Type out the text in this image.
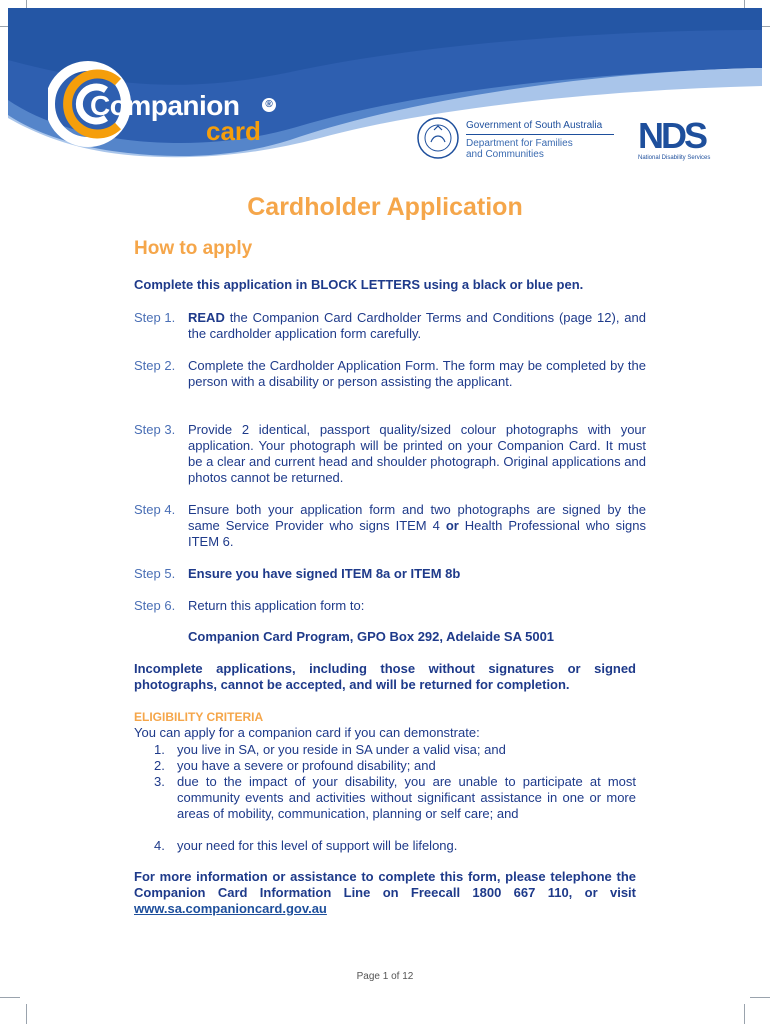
Companion	®
card	Government of South Australia
Department for Families
and Communities	NDS
National Disability Services
Cardholder Application
How to apply
Complete this application in BLOCK LETTERS using a black or blue pen.
Step 1. READ the Companion Card Cardholder Terms and Conditions (page 12), and the cardholder application form carefully.
Step 2. Complete the Cardholder Application Form. The form may be completed by the person with a disability or person assisting the applicant.
Step 3. Provide 2 identical, passport quality/sized colour photographs with your application. Your photograph will be printed on your Companion Card. It must be a clear and current head and shoulder photograph. Original applications and photos cannot be returned.
Step 4. Ensure both your application form and two photographs are signed by the same Service Provider who signs ITEM 4 or Health Professional who signs ITEM 6.
Step 5. Ensure you have signed ITEM 8a or ITEM 8b
Step 6. Return this application form to:
Companion Card Program, GPO Box 292, Adelaide SA 5001
Incomplete applications, including those without signatures or signed photographs, cannot be accepted, and will be returned for completion.
ELIGIBILITY CRITERIA
You can apply for a companion card if you can demonstrate:
1. you live in SA, or you reside in SA under a valid visa; and
2. you have a severe or profound disability; and
3. due to the impact of your disability, you are unable to participate at most community events and activities without significant assistance in one or more areas of mobility, communication, planning or self care; and
4. your need for this level of support will be lifelong.
For more information or assistance to complete this form, please telephone the Companion Card Information Line on Freecall 1800 667 110, or visit www.sa.companioncard.gov.au
Page 1 of 12
